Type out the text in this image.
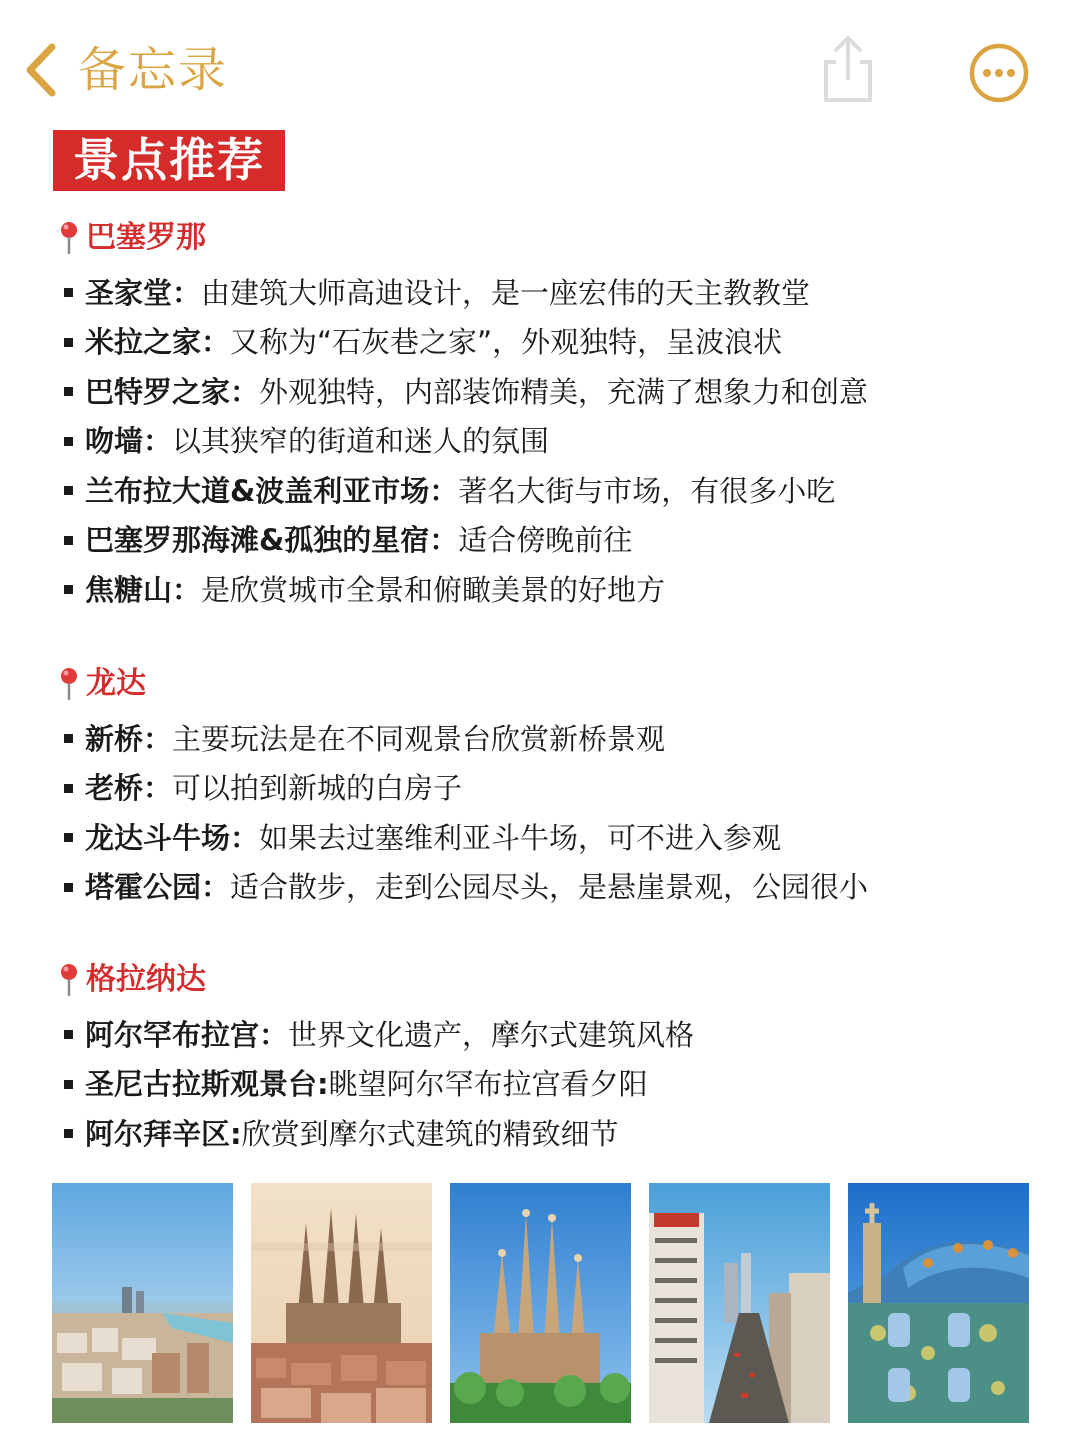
备忘录
景点推荐
巴塞罗那
圣家堂： 由建筑大师高迪设计，是一座宏伟的天主教教堂
米拉之家： 又称为“石灰巷之家”，外观独特，呈波浪状
巴特罗之家： 外观独特，内部装饰精美，充满了想象力和创意
吻墙： 以其狭窄的街道和迷人的氛围
兰布拉大道&波盖利亚市场： 著名大街与市场，有很多小吃
巴塞罗那海滩&孤独的星宿： 适合傍晚前往
焦糖山： 是欣赏城市全景和俯瞰美景的好地方
龙达
新桥： 主要玩法是在不同观景台欣赏新桥景观
老桥： 可以拍到新城的白房子
龙达斗牛场： 如果去过塞维利亚斗牛场，可不进入参观
塔霍公园： 适合散步，走到公园尽头，是悬崖景观，公园很小
格拉纳达
阿尔罕布拉宫： 世界文化遗产，摩尔式建筑风格
圣尼古拉斯观景台: 眺望阿尔罕布拉宫看夕阳
阿尔拜辛区: 欣赏到摩尔式建筑的精致细节
